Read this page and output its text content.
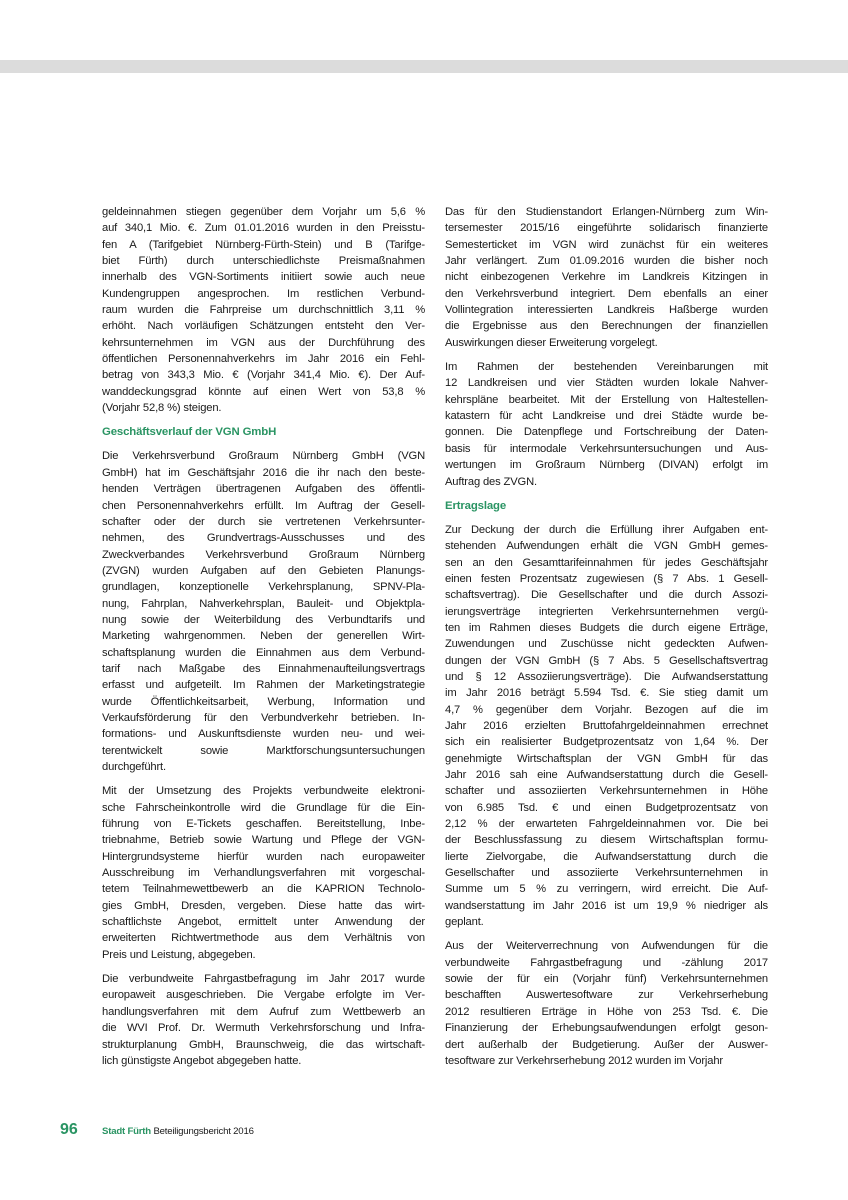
geldeinnahmen stiegen gegenüber dem Vorjahr um 5,6 %
auf 340,1 Mio. €. Zum 01.01.2016 wurden in den Preisstu-
fen A (Tarifgebiet Nürnberg-Fürth-Stein) und B (Tarifge-
biet Fürth) durch unterschiedlichste Preismaßnahmen
innerhalb des VGN-Sortiments initiiert sowie auch neue
Kundengruppen angesprochen. Im restlichen Verbund-
raum wurden die Fahrpreise um durchschnittlich 3,11 %
erhöht. Nach vorläufigen Schätzungen entsteht den Ver-
kehrsunternehmen im VGN aus der Durchführung des
öffentlichen Personennahverkehrs im Jahr 2016 ein Fehl-
betrag von 343,3 Mio. € (Vorjahr 341,4 Mio. €). Der Auf-
wanddeckungsgrad könnte auf einen Wert von 53,8 %
(Vorjahr 52,8 %) steigen.
Geschäftsverlauf der VGN GmbH
Die Verkehrsverbund Großraum Nürnberg GmbH (VGN
GmbH) hat im Geschäftsjahr 2016 die ihr nach den beste-
henden Verträgen übertragenen Aufgaben des öffentli-
chen Personennahverkehrs erfüllt. Im Auftrag der Gesell-
schafter oder der durch sie vertretenen Verkehrsunter-
nehmen, des Grundvertrags-Ausschusses und des
Zweckverbandes Verkehrsverbund Großraum Nürnberg
(ZVGN) wurden Aufgaben auf den Gebieten Planungs-
grundlagen, konzeptionelle Verkehrsplanung, SPNV-Pla-
nung, Fahrplan, Nahverkehrsplan, Bauleit- und Objektpla-
nung sowie der Weiterbildung des Verbundtarifs und
Marketing wahrgenommen. Neben der generellen Wirt-
schaftsplanung wurden die Einnahmen aus dem Verbund-
tarif nach Maßgabe des Einnahmenaufteilungsvertrags
erfasst und aufgeteilt. Im Rahmen der Marketingstrategie
wurde Öffentlichkeitsarbeit, Werbung, Information und
Verkaufsförderung für den Verbundverkehr betrieben. In-
formations- und Auskunftsdienste wurden neu- und wei-
terentwickelt sowie Marktforschungsuntersuchungen
durchgeführt.
Mit der Umsetzung des Projekts verbundweite elektroni-
sche Fahrscheinkontrolle wird die Grundlage für die Ein-
führung von E-Tickets geschaffen. Bereitstellung, Inbe-
triebnahme, Betrieb sowie Wartung und Pflege der VGN-
Hintergrundsysteme hierfür wurden nach europaweiter
Ausschreibung im Verhandlungsverfahren mit vorgeschal-
tetem Teilnahmewettbewerb an die KAPRION Technolo-
gies GmbH, Dresden, vergeben. Diese hatte das wirt-
schaftlichste Angebot, ermittelt unter Anwendung der
erweiterten Richtwertmethode aus dem Verhältnis von
Preis und Leistung, abgegeben.
Die verbundweite Fahrgastbefragung im Jahr 2017 wurde
europaweit ausgeschrieben. Die Vergabe erfolgte im Ver-
handlungsverfahren mit dem Aufruf zum Wettbewerb an
die WVI Prof. Dr. Wermuth Verkehrsforschung und Infra-
strukturplanung GmbH, Braunschweig, die das wirtschaft-
lich günstigste Angebot abgegeben hatte.
Das für den Studienstandort Erlangen-Nürnberg zum Win-
tersemester 2015/16 eingeführte solidarisch finanzierte
Semesterticket im VGN wird zunächst für ein weiteres
Jahr verlängert. Zum 01.09.2016 wurden die bisher noch
nicht einbezogenen Verkehre im Landkreis Kitzingen in
den Verkehrsverbund integriert. Dem ebenfalls an einer
Vollintegration interessierten Landkreis Haßberge wurden
die Ergebnisse aus den Berechnungen der finanziellen
Auswirkungen dieser Erweiterung vorgelegt.
Im Rahmen der bestehenden Vereinbarungen mit
12 Landkreisen und vier Städten wurden lokale Nahver-
kehrspläne bearbeitet. Mit der Erstellung von Haltestellen-
katastern für acht Landkreise und drei Städte wurde be-
gonnen. Die Datenpflege und Fortschreibung der Daten-
basis für intermodale Verkehrsuntersuchungen und Aus-
wertungen im Großraum Nürnberg (DIVAN) erfolgt im
Auftrag des ZVGN.
Ertragslage
Zur Deckung der durch die Erfüllung ihrer Aufgaben ent-
stehenden Aufwendungen erhält die VGN GmbH gemes-
sen an den Gesamttarifeinnahmen für jedes Geschäftsjahr
einen festen Prozentsatz zugewiesen (§ 7 Abs. 1 Gesell-
schaftsvertrag). Die Gesellschafter und die durch Assozi-
ierungsverträge integrierten Verkehrsunternehmen vergü-
ten im Rahmen dieses Budgets die durch eigene Erträge,
Zuwendungen und Zuschüsse nicht gedeckten Aufwen-
dungen der VGN GmbH (§ 7 Abs. 5 Gesellschaftsvertrag
und § 12 Assoziierungsverträge). Die Aufwandserstattung
im Jahr 2016 beträgt 5.594 Tsd. €. Sie stieg damit um
4,7 % gegenüber dem Vorjahr. Bezogen auf die im
Jahr 2016 erzielten Bruttofahrgeldeinnahmen errechnet
sich ein realisierter Budgetprozentsatz von 1,64 %. Der
genehmigte Wirtschaftsplan der VGN GmbH für das
Jahr 2016 sah eine Aufwandserstattung durch die Gesell-
schafter und assoziierten Verkehrsunternehmen in Höhe
von 6.985 Tsd. € und einen Budgetprozentsatz von
2,12 % der erwarteten Fahrgeldeinnahmen vor. Die bei
der Beschlussfassung zu diesem Wirtschaftsplan formu-
lierte Zielvorgabe, die Aufwandserstattung durch die
Gesellschafter und assoziierte Verkehrsunternehmen in
Summe um 5 % zu verringern, wird erreicht. Die Auf-
wandserstattung im Jahr 2016 ist um 19,9 % niedriger als
geplant.
Aus der Weiterverrechnung von Aufwendungen für die
verbundweite Fahrgastbefragung und -zählung 2017
sowie der für ein (Vorjahr fünf) Verkehrsunternehmen
beschafften Auswertesoftware zur Verkehrserhebung
2012 resultieren Erträge in Höhe von 253 Tsd. €. Die
Finanzierung der Erhebungsaufwendungen erfolgt geson-
dert außerhalb der Budgetierung. Außer der Auswer-
tesoftware zur Verkehrserhebung 2012 wurden im Vorjahr
96	Stadt Fürth Beteiligungsbericht 2016
